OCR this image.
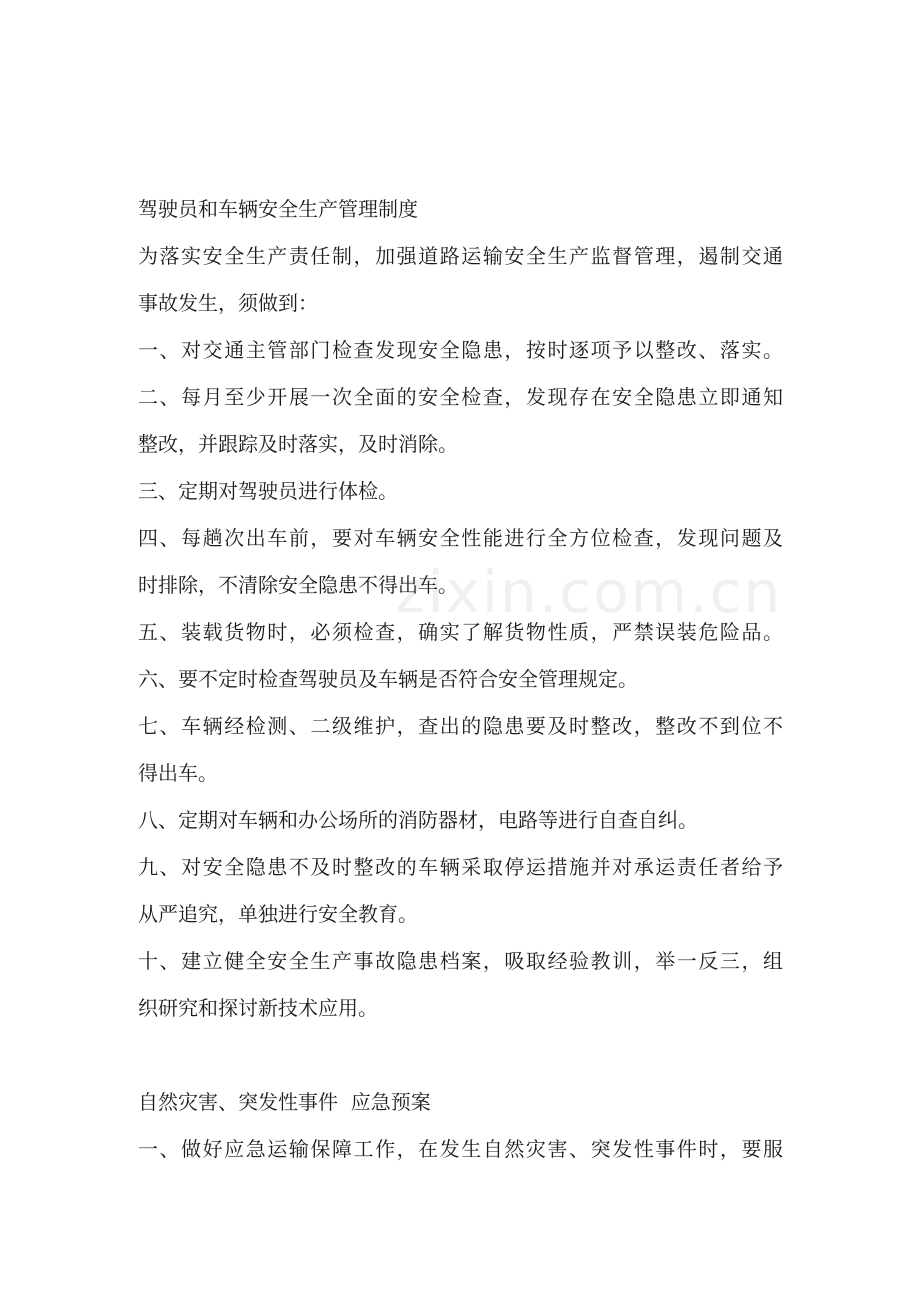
zixin.com.cn
驾驶员和车辆安全生产管理制度
为落实安全生产责任制，加强道路运输安全生产监督管理，遏制交通
事故发生，须做到：
一、对交通主管部门检查发现安全隐患，按时逐项予以整改、落实。
二、每月至少开展一次全面的安全检查，发现存在安全隐患立即通知
整改，并跟踪及时落实，及时消除。
三、定期对驾驶员进行体检。
四、每趟次出车前，要对车辆安全性能进行全方位检查，发现问题及
时排除，不清除安全隐患不得出车。
五、装载货物时，必须检查，确实了解货物性质，严禁误装危险品。
六、要不定时检查驾驶员及车辆是否符合安全管理规定。
七、车辆经检测、二级维护，查出的隐患要及时整改，整改不到位不
得出车。
八、定期对车辆和办公场所的消防器材，电路等进行自查自纠。
九、对安全隐患不及时整改的车辆采取停运措施并对承运责任者给予
从严追究，单独进行安全教育。
十、建立健全安全生产事故隐患档案，吸取经验教训，举一反三，组
织研究和探讨新技术应用。
自然灾害、突发性事件  应急预案
一、做好应急运输保障工作，在发生自然灾害、突发性事件时，要服
